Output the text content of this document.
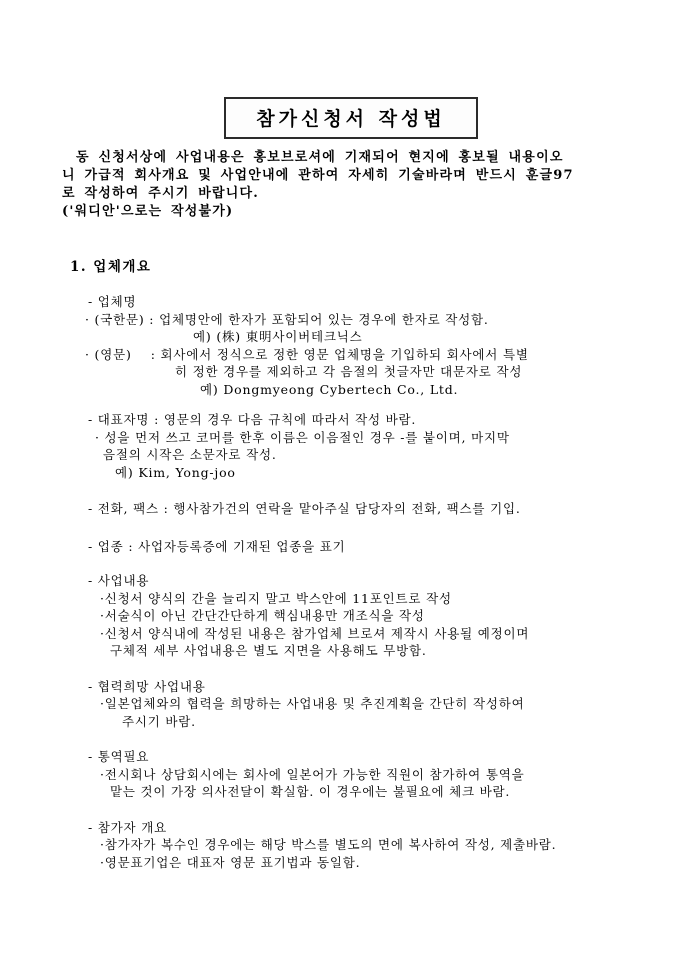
참가신청서 작성법
동 신청서상에 사업내용은 홍보브로셔에 기재되어 현지에 홍보될 내용이오
니 가급적 회사개요 및 사업안내에 관하여 자세히 기술바라며 반드시 훈글97
로 작성하여 주시기 바랍니다.
('워디안'으로는 작성불가)
1. 업체개요
- 업체명
· (국한문) : 업체명안에 한자가 포함되어 있는 경우에 한자로 작성함.
예) (株) 東明사이버테크닉스
· (영문)    : 회사에서 정식으로 정한 영문 업체명을 기입하되 회사에서 특별
히 정한 경우를 제외하고 각 음절의 첫글자만 대문자로 작성
예) Dongmyeong Cybertech Co., Ltd.
- 대표자명 : 영문의 경우 다음 규칙에 따라서 작성 바람.
· 성을 먼저 쓰고 코머를 한후 이름은 이음절인 경우 -를 붙이며, 마지막
음절의 시작은 소문자로 작성.
예) Kim, Yong-joo
- 전화, 팩스 : 행사참가건의 연락을 맡아주실 담당자의 전화, 팩스를 기입.
- 업종 : 사업자등록증에 기재된 업종을 표기
- 사업내용
·신청서 양식의 간을 늘리지 말고 박스안에 11포인트로 작성
·서술식이 아닌 간단간단하게 핵심내용만 개조식을 작성
·신청서 양식내에 작성된 내용은 참가업체 브로셔 제작시 사용될 예정이며
구체적 세부 사업내용은 별도 지면을 사용해도 무방함.
- 협력희망 사업내용
·일본업체와의 협력을 희망하는 사업내용 및 추진계획을 간단히 작성하여
주시기 바람.
- 통역필요
·전시회나 상담회시에는 회사에 일본어가 가능한 직원이 참가하여 통역을
맡는 것이 가장 의사전달이 확실함. 이 경우에는 불필요에 체크 바람.
- 참가자 개요
·참가자가 복수인 경우에는 해당 박스를 별도의 면에 복사하여 작성, 제출바람.
·영문표기업은 대표자 영문 표기법과 동일함.
